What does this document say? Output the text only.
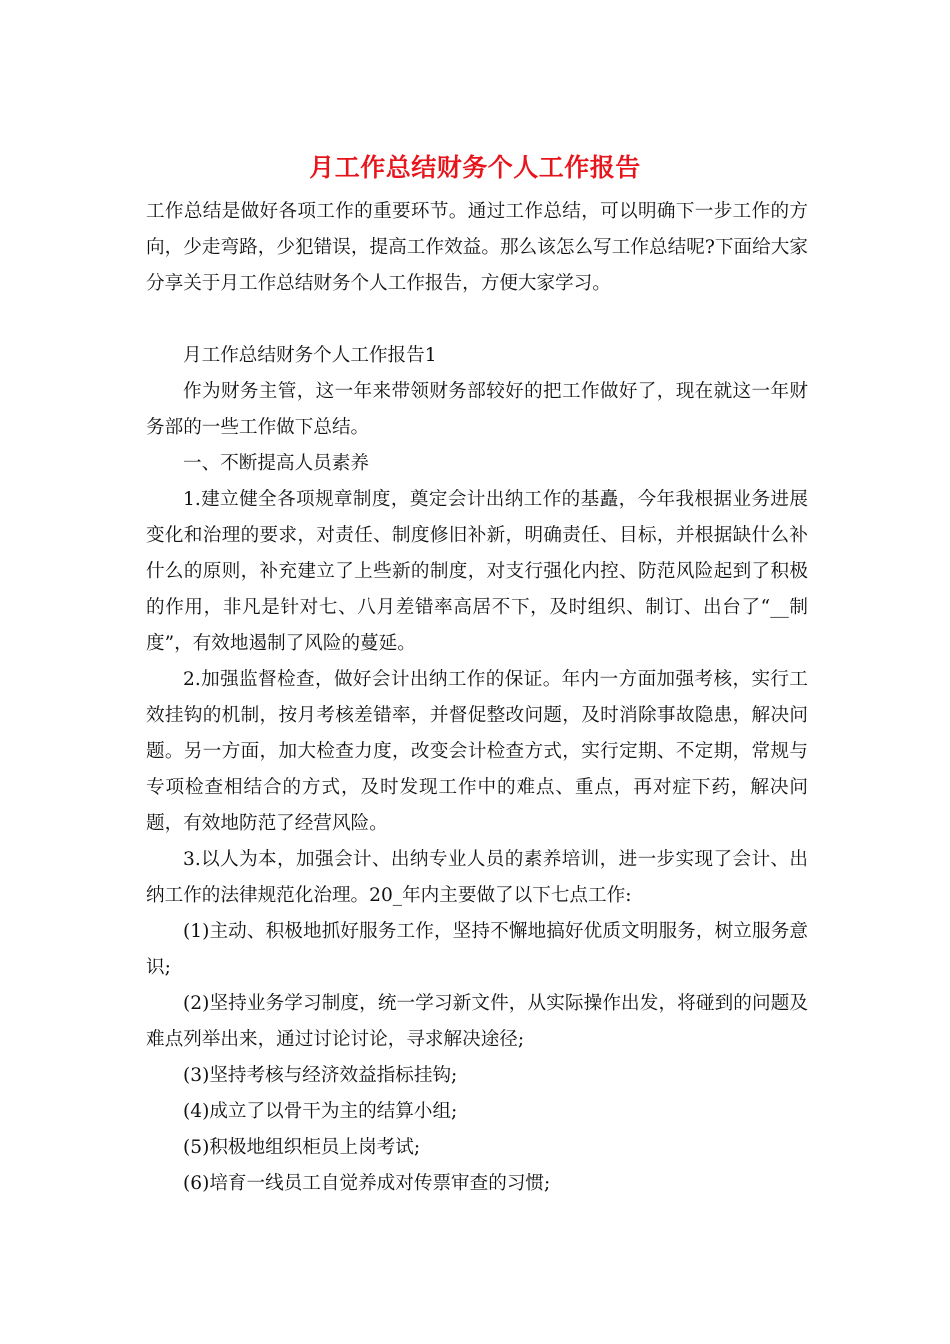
月工作总结财务个人工作报告

工作总结是做好各项工作的重要环节。通过工作总结，可以明确下一步工作的方向，少走弯路，少犯错误，提高工作效益。那么该怎么写工作总结呢?下面给大家分享关于月工作总结财务个人工作报告，方便大家学习。

月工作总结财务个人工作报告1

作为财务主管，这一年来带领财务部较好的把工作做好了，现在就这一年财务部的一些工作做下总结。

一、不断提高人员素养

1.建立健全各项规章制度，奠定会计出纳工作的基矗，今年我根据业务进展变化和治理的要求，对责任、制度修旧补新，明确责任、目标，并根据缺什么补什么的原则，补充建立了上些新的制度，对支行强化内控、防范风险起到了积极的作用，非凡是针对七、八月差错率高居不下，及时组织、制订、出台了“__制度”，有效地遏制了风险的蔓延。

2.加强监督检查，做好会计出纳工作的保证。年内一方面加强考核，实行工效挂钩的机制，按月考核差错率，并督促整改问题，及时消除事故隐患，解决问题。另一方面，加大检查力度，改变会计检查方式，实行定期、不定期，常规与专项检查相结合的方式，及时发现工作中的难点、重点，再对症下药，解决问题，有效地防范了经营风险。

3.以人为本，加强会计、出纳专业人员的素养培训，进一步实现了会计、出纳工作的法律规范化治理。20_年内主要做了以下七点工作:

(1)主动、积极地抓好服务工作，坚持不懈地搞好优质文明服务，树立服务意识;

(2)坚持业务学习制度，统一学习新文件，从实际操作出发，将碰到的问题及难点列举出来，通过讨论讨论，寻求解决途径;

(3)坚持考核与经济效益指标挂钩;

(4)成立了以骨干为主的结算小组;

(5)积极地组织柜员上岗考试;

(6)培育一线员工自觉养成对传票审查的习惯;
